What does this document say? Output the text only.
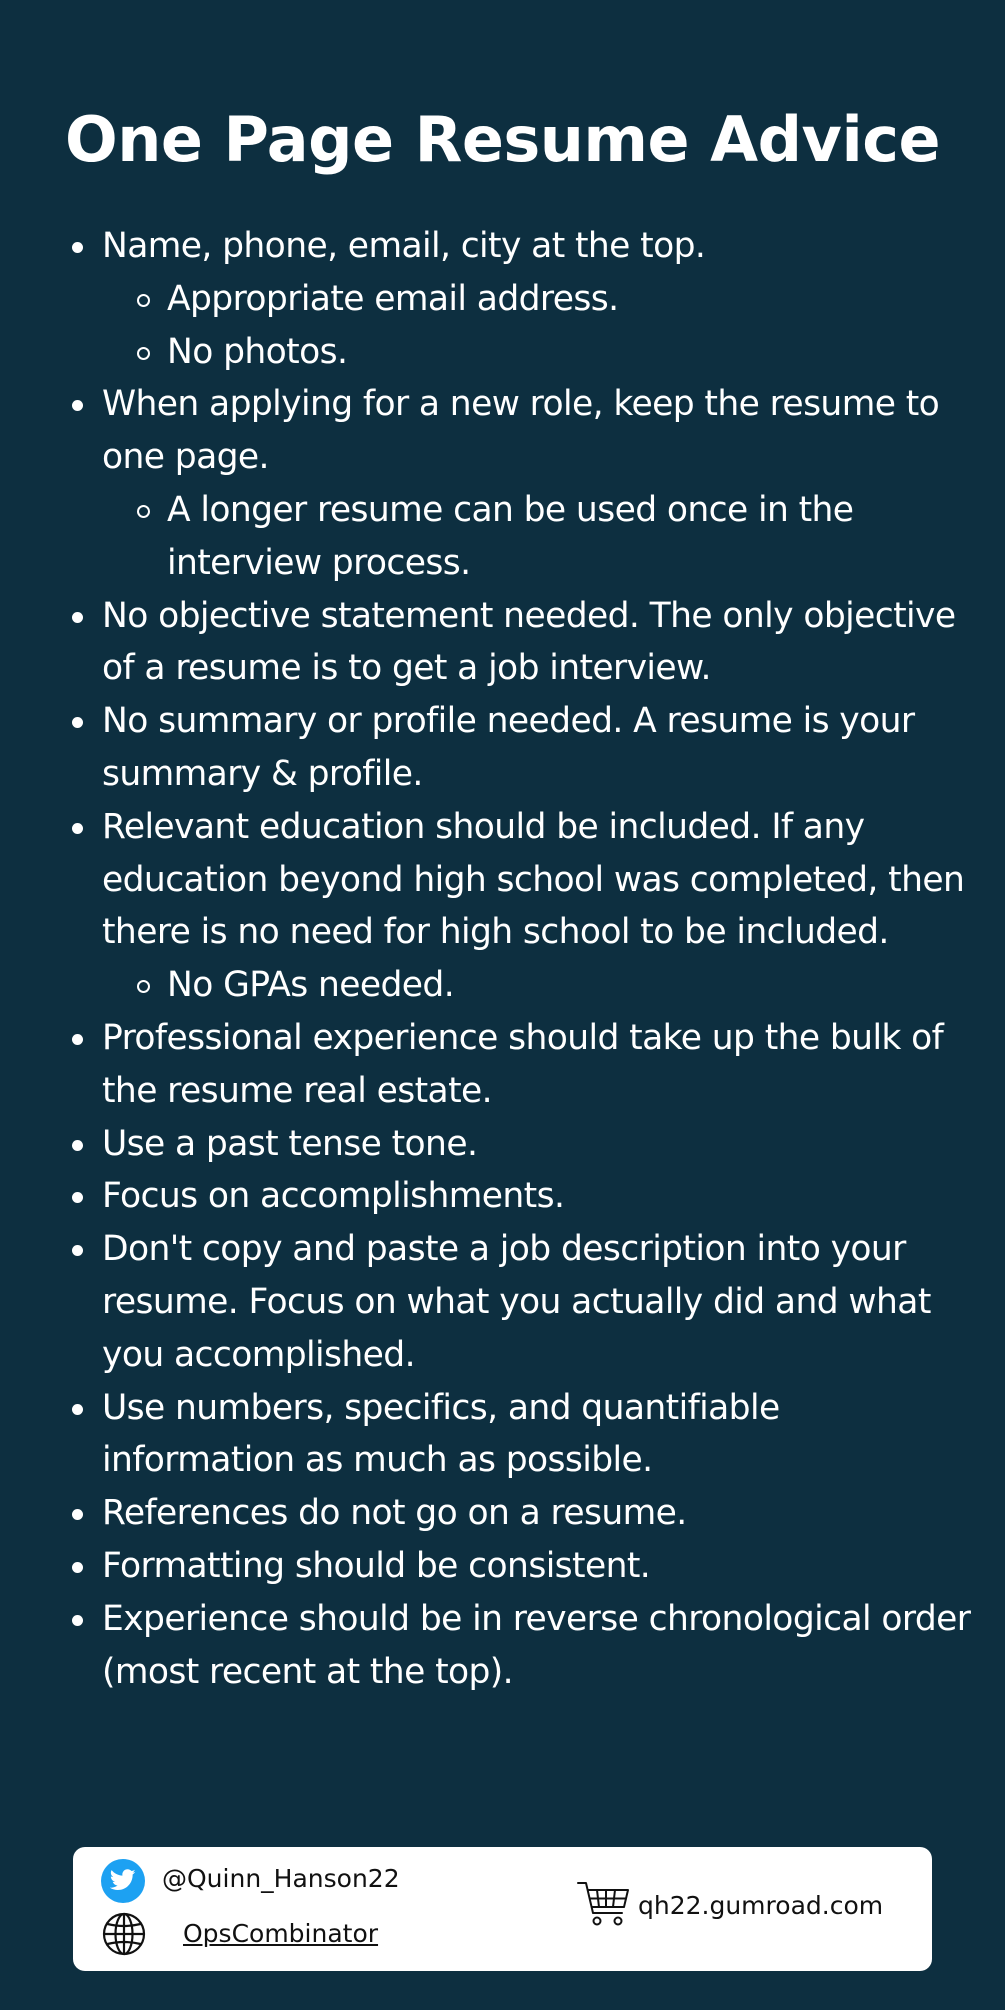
One Page Resume Advice
Name, phone, email, city at the top.
Appropriate email address.
No photos.
When applying for a new role, keep the resume to one page.
A longer resume can be used once in the interview process.
No objective statement needed. The only objective of a resume is to get a job interview.
No summary or profile needed. A resume is your summary & profile.
Relevant education should be included. If any education beyond high school was completed, then there is no need for high school to be included.
No GPAs needed.
Professional experience should take up the bulk of the resume real estate.
Use a past tense tone.
Focus on accomplishments.
Don't copy and paste a job description into your resume. Focus on what you actually did and what you accomplished.
Use numbers, specifics, and quantifiable information as much as possible.
References do not go on a resume.
Formatting should be consistent.
Experience should be in reverse chronological order (most recent at the top).
@Quinn_Hanson22
OpsCombinator
qh22.gumroad.com
